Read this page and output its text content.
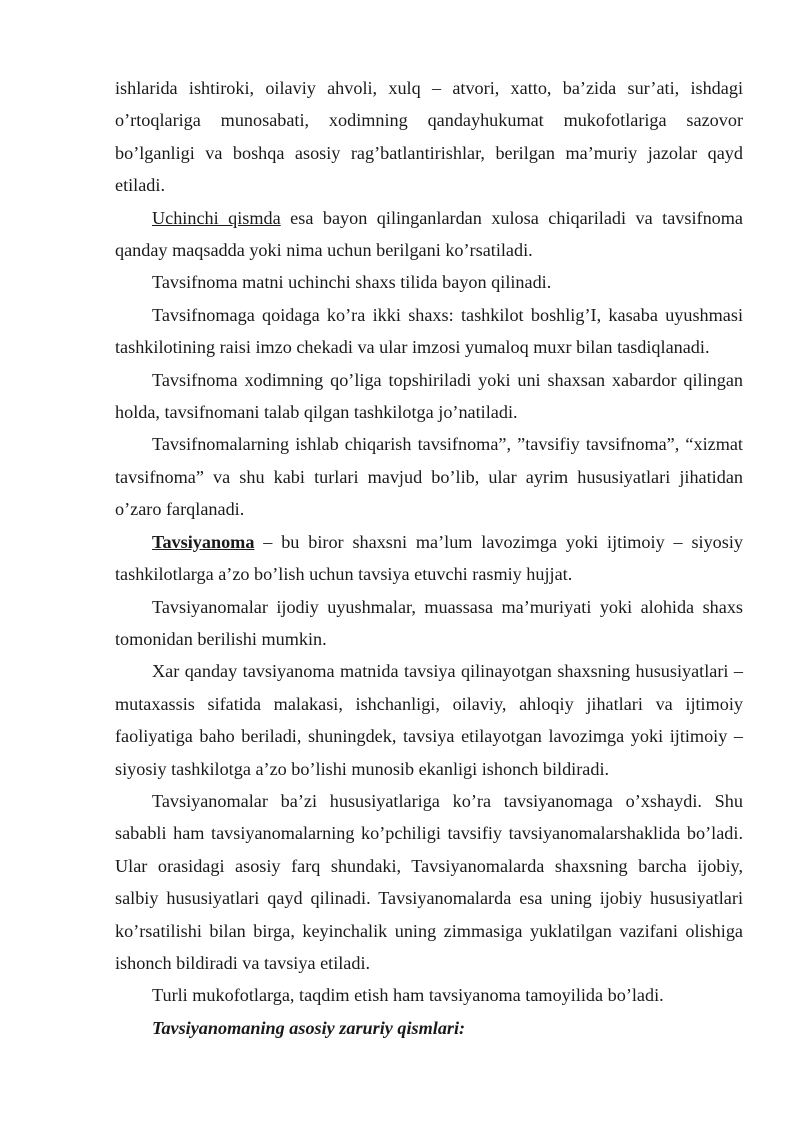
ishlarida ishtiroki, oilaviy ahvoli, xulq – atvori, xatto, ba’zida sur’ati, ishdagi o’rtoqlariga munosabati, xodimning qandayhukumat mukofotlariga sazovor bo’lganligi va boshqa asosiy rag’batlantirishlar, berilgan ma’muriy jazolar qayd etiladi.

Uchinchi qismda esa bayon qilinganlardan xulosa chiqariladi va tavsifnoma qanday maqsadda yoki nima uchun berilgani ko’rsatiladi.

Tavsifnoma matni uchinchi shaxs tilida bayon qilinadi.

Tavsifnomaga qoidaga ko’ra ikki shaxs: tashkilot boshlig’I, kasaba uyushmasi tashkilotining raisi imzo chekadi va ular imzosi yumaloq muxr bilan tasdiqlanadi.

Tavsifnoma xodimning qo’liga topshiriladi yoki uni shaxsan xabardor qilingan holda, tavsifnomani talab qilgan tashkilotga jo’natiladi.

Tavsifnomalarning ishlab chiqarish tavsifnoma”, ”tavsifiy tavsifnoma”, “xizmat tavsifnoma” va shu kabi turlari mavjud bo’lib, ular ayrim hususiyatlari jihatidan o’zaro farqlanadi.

Tavsiyanoma – bu biror shaxsni ma’lum lavozimga yoki ijtimoiy – siyosiy tashkilotlarga a’zo bo’lish uchun tavsiya etuvchi rasmiy hujjat.

Tavsiyanomalar ijodiy uyushmalar, muassasa ma’muriyati yoki alohida shaxs tomonidan berilishi mumkin.

Xar qanday tavsiyanoma matnida tavsiya qilinayotgan shaxsning hususiyatlari – mutaxassis sifatida malakasi, ishchanligi, oilaviy, ahloqiy jihatlari va ijtimoiy faoliyatiga baho beriladi, shuningdek, tavsiya etilayotgan lavozimga yoki ijtimoiy – siyosiy tashkilotga a’zo bo’lishi munosib ekanligi ishonch bildiradi.

Tavsiyanomalar ba’zi hususiyatlariga ko’ra tavsiyanomaga o’xshaydi. Shu sababli ham tavsiyanomalarning ko’pchiligi tavsifiy tavsiyanomalarshaklida bo’ladi. Ular orasidagi asosiy farq shundaki, Tavsiyanomalarda shaxsning barcha ijobiy, salbiy hususiyatlari qayd qilinadi. Tavsiyanomalarda esa uning ijobiy hususiyatlari ko’rsatilishi bilan birga, keyinchalik uning zimmasiga yuklatilgan vazifani olishiga ishonch bildiradi va tavsiya etiladi.

Turli mukofotlarga, taqdim etish ham tavsiyanoma tamoyilida bo’ladi.

Tavsiyanomaning asosiy zaruriy qismlari:
